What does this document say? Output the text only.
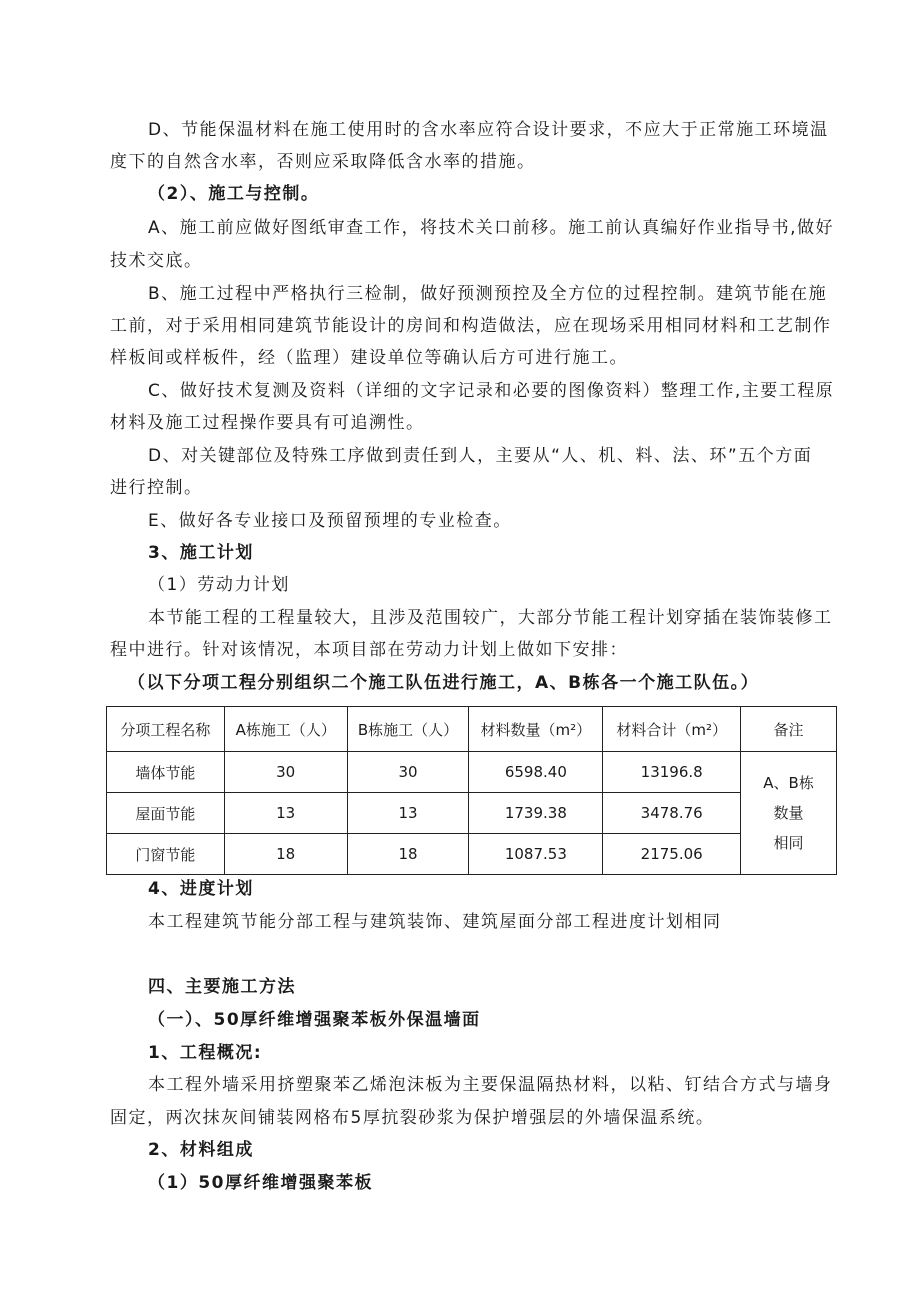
D、节能保温材料在施工使用时的含水率应符合设计要求，不应大于正常施工环境温
度下的自然含水率，否则应采取降低含水率的措施。
（2）、施工与控制。
A、施工前应做好图纸审查工作，将技术关口前移。施工前认真编好作业指导书,做好
技术交底。
B、施工过程中严格执行三检制，做好预测预控及全方位的过程控制。建筑节能在施
工前，对于采用相同建筑节能设计的房间和构造做法，应在现场采用相同材料和工艺制作
样板间或样板件，经（监理）建设单位等确认后方可进行施工。
C、做好技术复测及资料（详细的文字记录和必要的图像资料）整理工作,主要工程原
材料及施工过程操作要具有可追溯性。
D、对关键部位及特殊工序做到责任到人，主要从“人、机、料、法、环”五个方面
进行控制。
E、做好各专业接口及预留预埋的专业检查。
3、施工计划
（1）劳动力计划
本节能工程的工程量较大，且涉及范围较广，大部分节能工程计划穿插在装饰装修工
程中进行。针对该情况，本项目部在劳动力计划上做如下安排：
（以下分项工程分别组织二个施工队伍进行施工，A、B栋各一个施工队伍。）
分项工程名称	A栋施工（人）	B栋施工（人）	材料数量（m²）	材料合计（m²）	备注
墙体节能	30	30	6598.40	13196.8	A、B栋
数量
相同

屋面节能	13	13	1739.38	3478.76	
门窗节能	18	18	1087.53	2175.06	
4、进度计划
本工程建筑节能分部工程与建筑装饰、建筑屋面分部工程进度计划相同
四、主要施工方法
（一）、50厚纤维增强聚苯板外保温墙面
1、工程概况:
本工程外墙采用挤塑聚苯乙烯泡沫板为主要保温隔热材料，以粘、钉结合方式与墙身
固定，两次抹灰间铺装网格布5厚抗裂砂浆为保护增强层的外墙保温系统。
2、材料组成
（1）50厚纤维增强聚苯板
